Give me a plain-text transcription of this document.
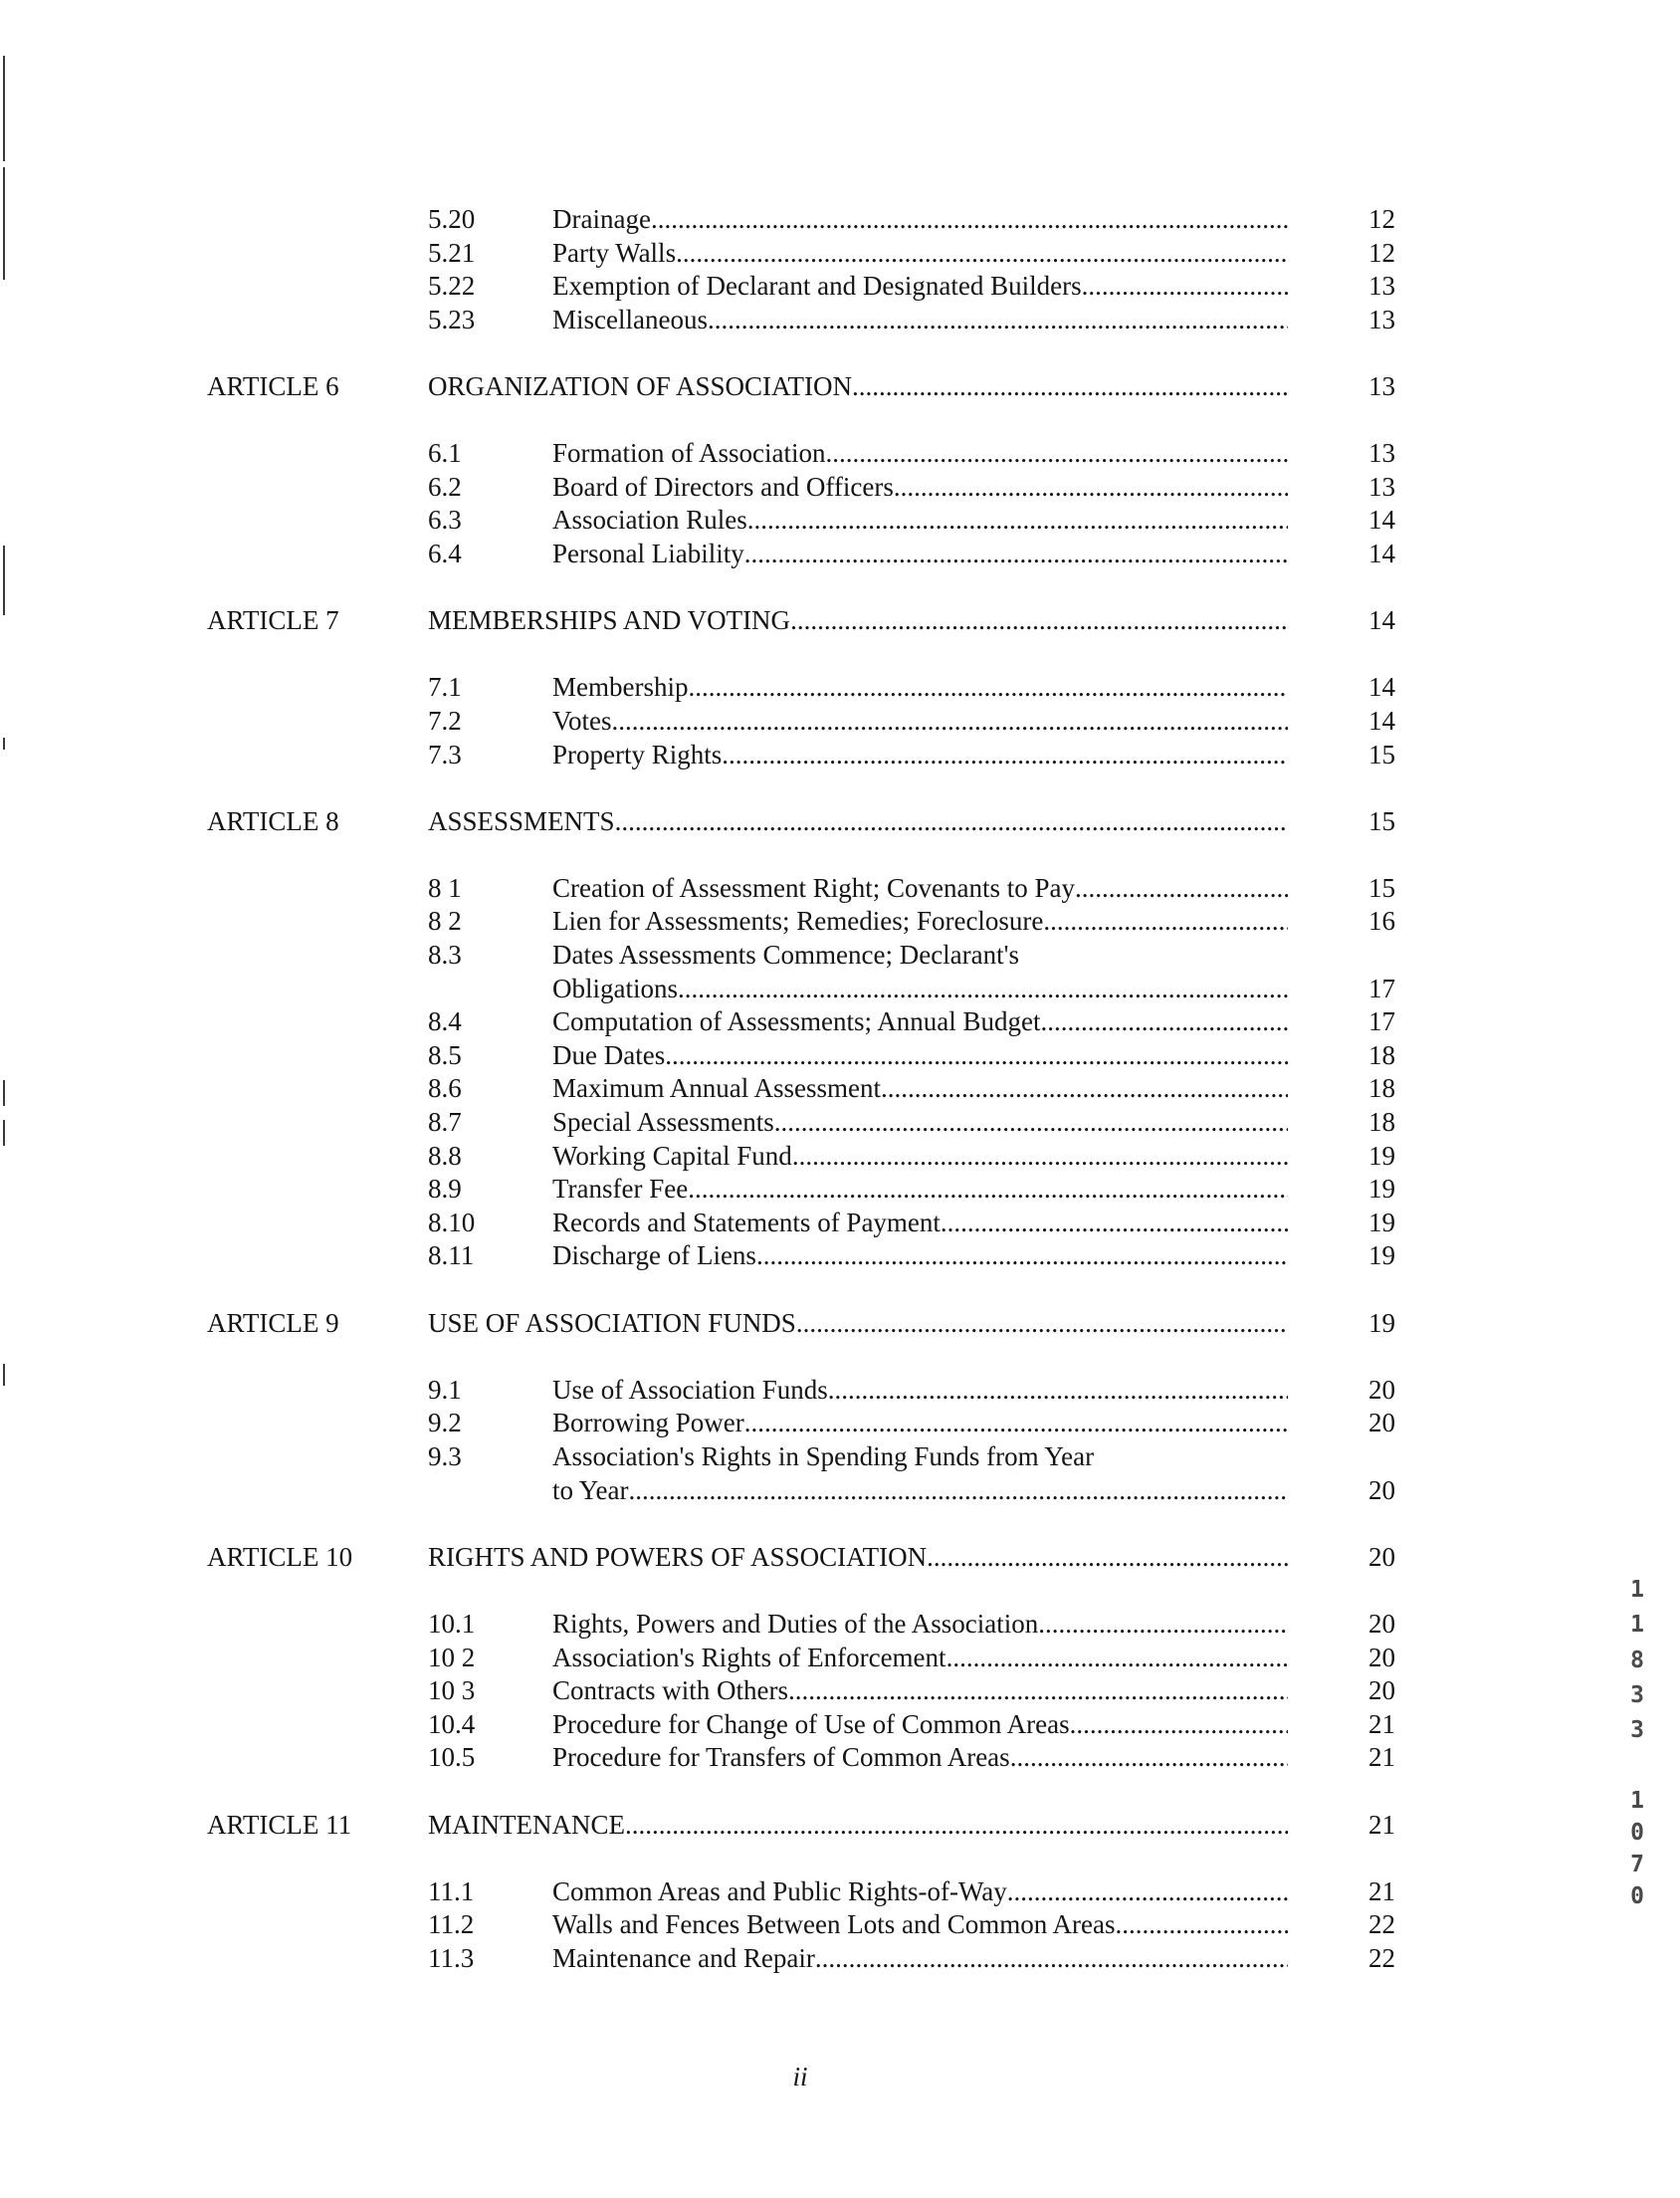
5.20	Drainage .....	12
5.21	Party Walls .....	12
5.22	Exemption of Declarant and Designated Builders .....	13
5.23	Miscellaneous .....	13
ARTICLE 6	ORGANIZATION OF ASSOCIATION .....	13
6.1	Formation of Association. .....	13
6.2	Board of Directors and Officers .....	13
6.3	Association Rules .....	14
6.4	Personal Liability .....	14
ARTICLE 7	MEMBERSHIPS AND VOTING .....	14
7.1	Membership .....	14
7.2	Votes .....	14
7.3	Property Rights .....	15
ARTICLE 8	ASSESSMENTS .....	15
8 1	Creation of Assessment Right; Covenants to Pay .....	15
8 2	Lien for Assessments; Remedies; Foreclosure .....	16
8.3	Dates Assessments Commence; Declarant's
Obligations .....	17
8.4	Computation of Assessments; Annual Budget .....	17
8.5	Due Dates .....	18
8.6	Maximum Annual Assessment .....	18
8.7	Special Assessments .....	18
8.8	Working Capital Fund .....	19
8.9	Transfer Fee .....	19
8.10	Records and Statements of Payment .....	19
8.11	Discharge of Liens .....	19
ARTICLE 9	USE OF ASSOCIATION FUNDS .....	19
9.1	Use of Association Funds .....	20
9.2	Borrowing Power .....	20
9.3	Association's Rights in Spending Funds from Year
to Year .....	20
ARTICLE 10	RIGHTS AND POWERS OF ASSOCIATION .....	20
10.1	Rights, Powers and Duties of the Association .....	20
10 2	Association's Rights of Enforcement .....	20
10 3	Contracts with Others .....	20
10.4	Procedure for Change of Use of Common Areas .....	21
10.5	Procedure for Transfers of Common Areas .....	21
ARTICLE 11	MAINTENANCE .....	21
11.1	Common Areas and Public Rights-of-Way .....	21
11.2	Walls and Fences Between Lots and Common Areas .....	22
11.3	Maintenance and Repair .....	22
1
1
8
3
3
1
0
7
0
ii
